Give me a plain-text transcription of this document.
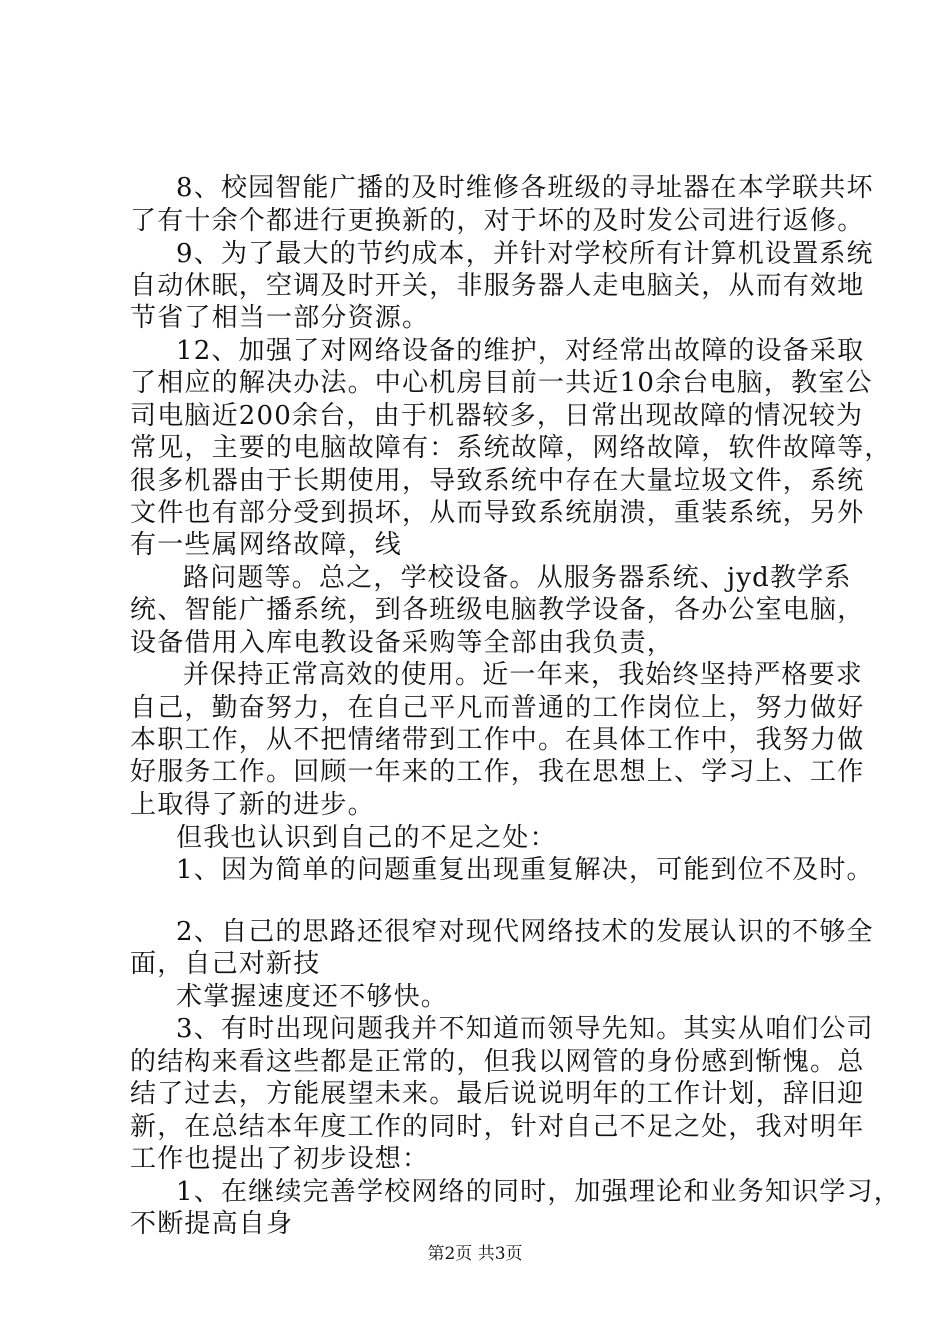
8、校园智能广播的及时维修各班级的寻址器在本学联共坏
了有十余个都进行更换新的，对于坏的及时发公司进行返修。
9、为了最大的节约成本，并针对学校所有计算机设置系统
自动休眠，空调及时开关，非服务器人走电脑关，从而有效地
节省了相当一部分资源。
12、加强了对网络设备的维护，对经常出故障的设备采取
了相应的解决办法。中心机房目前一共近10余台电脑，教室公
司电脑近200余台，由于机器较多，日常出现故障的情况较为
常见，主要的电脑故障有：系统故障，网络故障，软件故障等，
很多机器由于长期使用，导致系统中存在大量垃圾文件，系统
文件也有部分受到损坏，从而导致系统崩溃，重装系统，另外
有一些属网络故障，线
路问题等。总之，学校设备。从服务器系统、jyd教学系
统、智能广播系统，到各班级电脑教学设备，各办公室电脑，
设备借用入库电教设备采购等全部由我负责，
并保持正常高效的使用。近一年来，我始终坚持严格要求
自己，勤奋努力，在自己平凡而普通的工作岗位上，努力做好
本职工作，从不把情绪带到工作中。在具体工作中，我努力做
好服务工作。回顾一年来的工作，我在思想上、学习上、工作
上取得了新的进步。
但我也认识到自己的不足之处：
1、因为简单的问题重复出现重复解决，可能到位不及时。
2、自己的思路还很窄对现代网络技术的发展认识的不够全
面，自己对新技
术掌握速度还不够快。
3、有时出现问题我并不知道而领导先知。其实从咱们公司
的结构来看这些都是正常的，但我以网管的身份感到惭愧。总
结了过去，方能展望未来。最后说说明年的工作计划，辞旧迎
新，在总结本年度工作的同时，针对自己不足之处，我对明年
工作也提出了初步设想：
1、在继续完善学校网络的同时，加强理论和业务知识学习，
不断提高自身
第2页 共3页
